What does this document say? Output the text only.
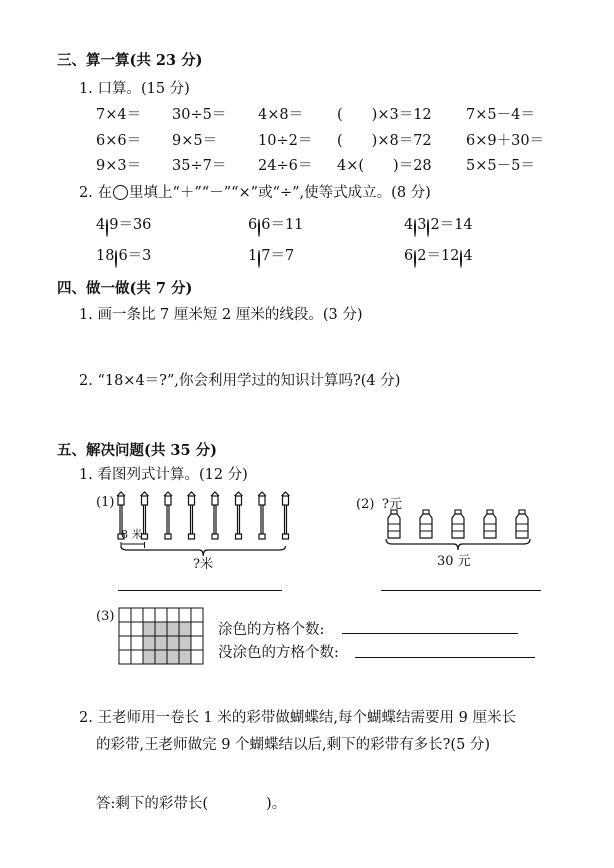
三、算一算(共 23 分)
1. 口算。(15 分)
7×4＝ 30÷5＝ 4×8＝ (　　)×3＝12 7×5－4＝
6×6＝ 9×5＝	10÷2＝ (　　)×8＝72 6×9＋30＝
9×3＝ 35÷7＝ 24÷6＝ 4×(　　)＝28 5×5－5＝
2. 在 里填上“＋”“－”“×”或“÷”,使等式成立。(8 分)
4 9＝36
18 6＝3
6 6＝11
1 7＝7
4 3 2＝14
6 2＝12 4
四、做一做(共 7 分)
1. 画一条比 7 厘米短 2 厘米的线段。(3 分)
2. “18×4＝?”,你会利用学过的知识计算吗?(4 分)
五、解决问题(共 35 分)
1. 看图列式计算。(12 分)
(1)
8 米
?米
(2) ?元
30 元
(3)
涂色的方格个数:
没涂色的方格个数:
2. 王老师用一卷长 1 米的彩带做蝴蝶结,每个蝴蝶结需要用 9 厘米长
的彩带,王老师做完 9 个蝴蝶结以后,剩下的彩带有多长?(5 分)
答:剩下的彩带长(　　　　)。
